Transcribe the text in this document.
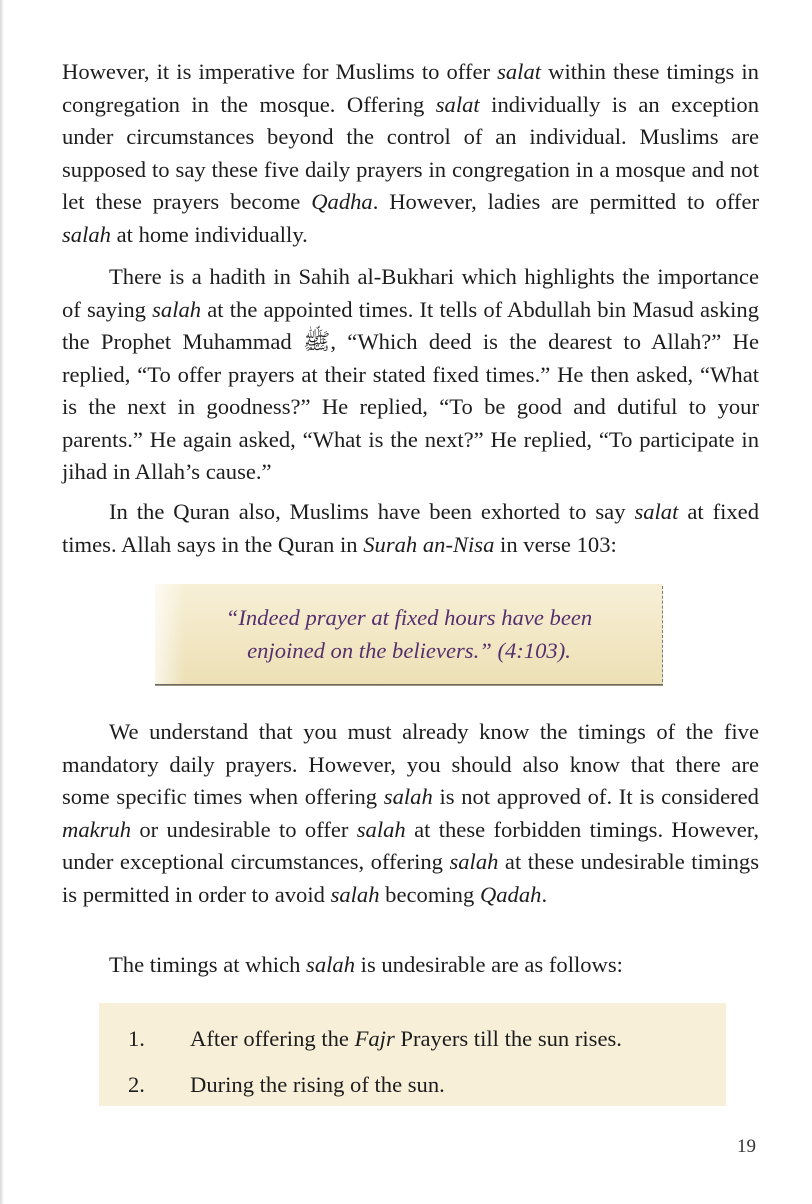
However, it is imperative for Muslims to offer salat within these timings in congregation in the mosque. Offering salat individually is an exception under circumstances beyond the control of an individual. Muslims are supposed to say these five daily prayers in congregation in a mosque and not let these prayers become Qadha. However, ladies are permitted to offer salah at home individually.

There is a hadith in Sahih al-Bukhari which highlights the importance of saying salah at the appointed times. It tells of Abdullah bin Masud asking the Prophet Muhammad ﷺ, “Which deed is the dearest to Allah?” He replied, “To offer prayers at their stated fixed times.” He then asked, “What is the next in goodness?” He replied, “To be good and dutiful to your parents.” He again asked, “What is the next?” He replied, “To participate in jihad in Allah’s cause.”

In the Quran also, Muslims have been exhorted to say salat at fixed times. Allah says in the Quran in Surah an-Nisa in verse 103:

We understand that you must already know the timings of the five mandatory daily prayers. However, you should also know that there are some specific times when offering salah is not approved of. It is considered makruh or undesirable to offer salah at these forbidden timings. However, under exceptional circumstances, offering salah at these undesirable timings is permitted in order to avoid salah becoming Qadah.

The timings at which salah is undesirable are as follows:

“Indeed prayer at fixed hours have been
enjoined on the believers.” (4:103).
1. After offering the Fajr Prayers till the sun rises.
2. During the rising of the sun.
19
